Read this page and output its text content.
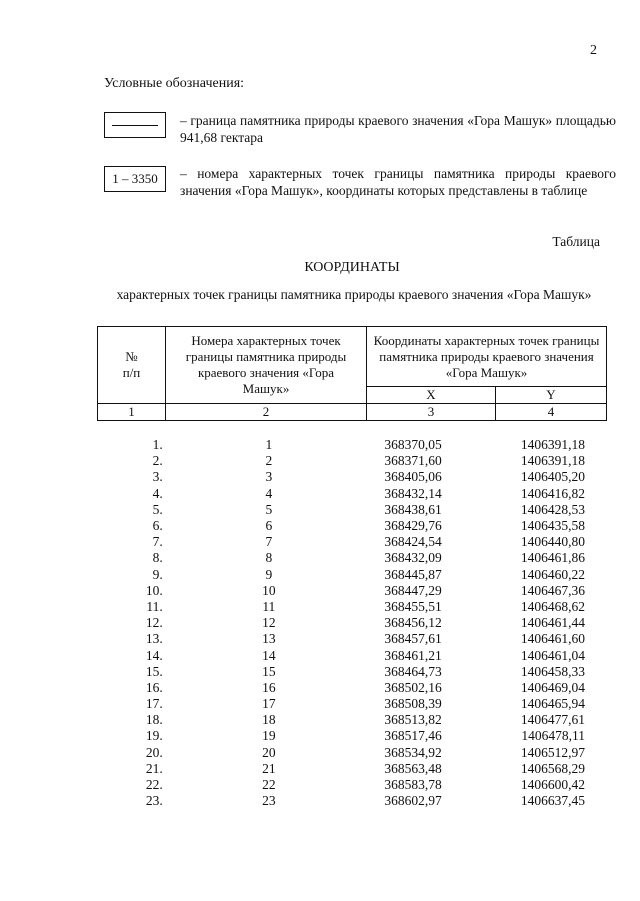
2
Условные обозначения:
– граница памятника природы краевого значения «Гора Машук» площадью 941,68 гектара
1 – 3350 – номера характерных точек границы памятника природы краевого значения «Гора Машук», координаты которых представлены в таблице
Таблица
КООРДИНАТЫ
характерных точек границы памятника природы краевого значения «Гора Машук»
№ п/п	Номера характерных точек границы памятника природы краевого значения «Гора Машук»	Координаты характерных точек границы памятника природы краевого значения «Гора Машук»	

		X	Y
1	2	3	4
1.	1	368370,05	1406391,18
2.	2	368371,60	1406391,18
3.	3	368405,06	1406405,20
4.	4	368432,14	1406416,82
5.	5	368438,61	1406428,53
6.	6	368429,76	1406435,58
7.	7	368424,54	1406440,80
8.	8	368432,09	1406461,86
9.	9	368445,87	1406460,22
10.	10	368447,29	1406467,36
11.	11	368455,51	1406468,62
12.	12	368456,12	1406461,44
13.	13	368457,61	1406461,60
14.	14	368461,21	1406461,04
15.	15	368464,73	1406458,33
16.	16	368502,16	1406469,04
17.	17	368508,39	1406465,94
18.	18	368513,82	1406477,61
19.	19	368517,46	1406478,11
20.	20	368534,92	1406512,97
21.	21	368563,48	1406568,29
22.	22	368583,78	1406600,42
23.	23	368602,97	1406637,45
